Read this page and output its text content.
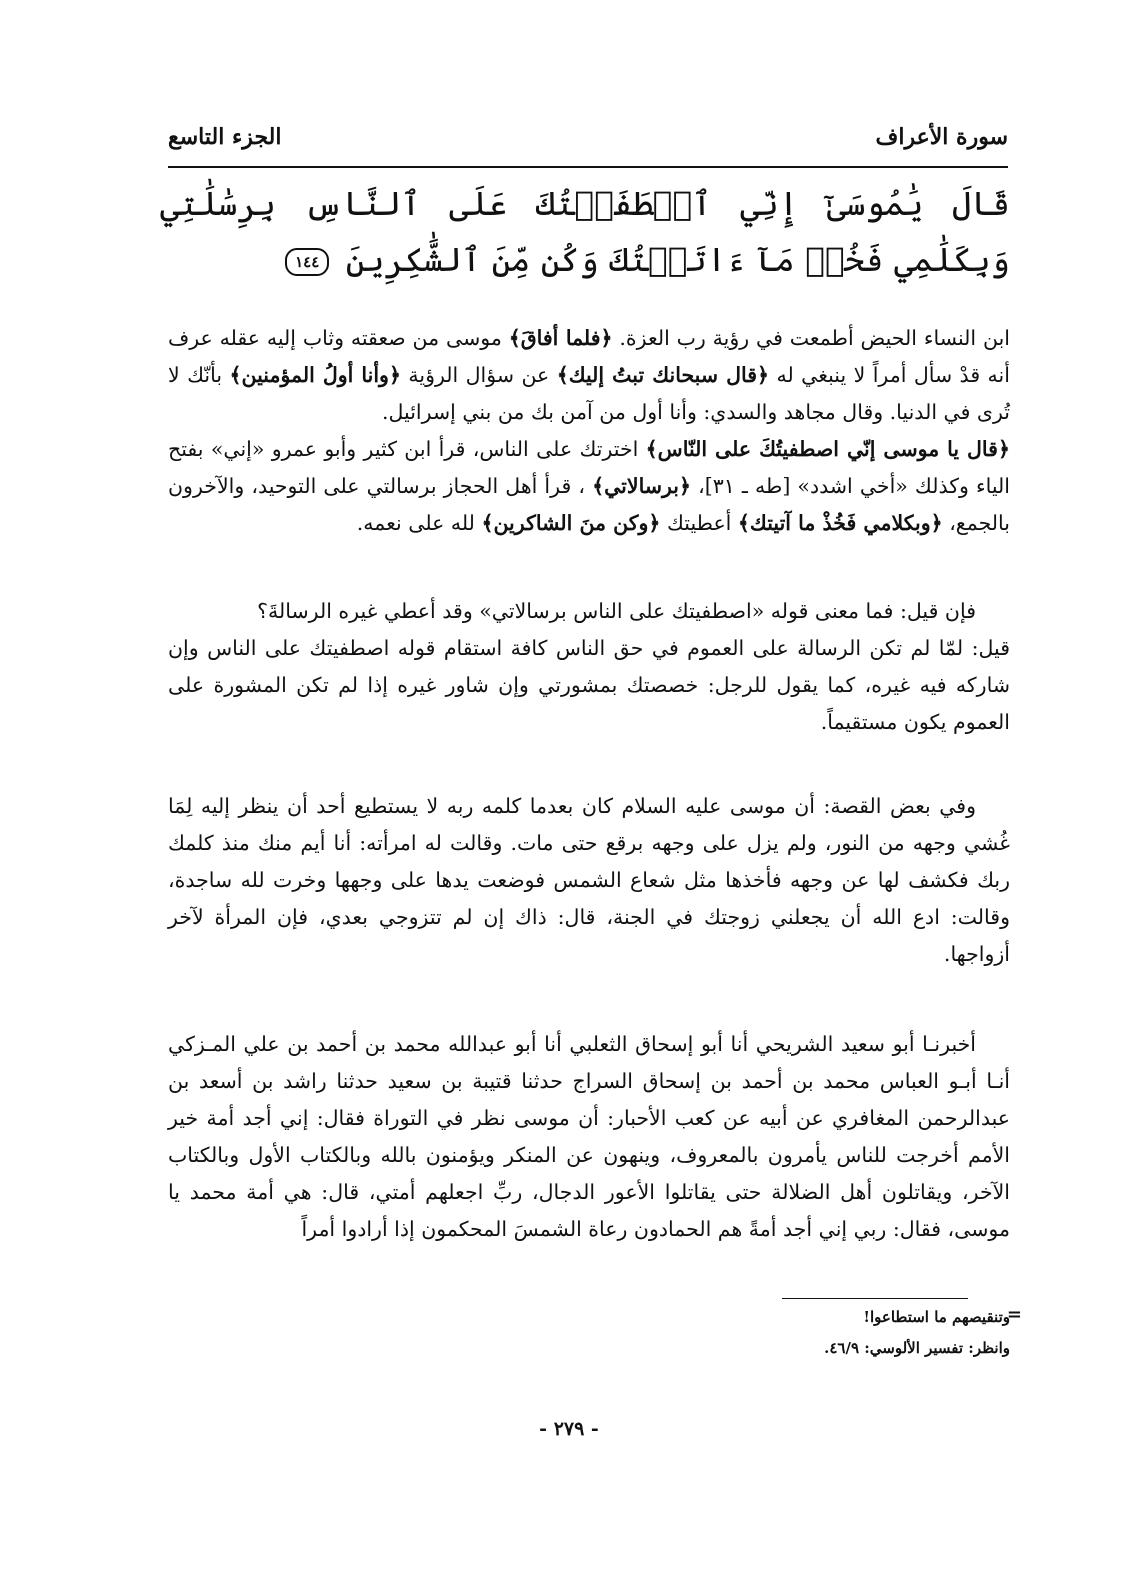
سورة الأعراف
الجزء التاسع
قَالَ يَٰمُوسَىٰٓ إِنِّي ٱصۡطَفَيۡتُكَ عَلَى ٱلنَّاسِ بِرِسَٰلَٰتِي وَبِكَلَٰمِي فَخُذۡ مَآ ءَاتَيۡتُكَ وَكُن مِّنَ ٱلشَّٰكِرِينَ ١٤٤

ابن النساء الحيض أطمعت في رؤية رب العزة. ﴿فلما أفاقَ﴾ موسى من صعقته وثاب إليه عقله عرف أنه قدْ سأل أمراً لا ينبغي له ﴿قال سبحانك تبتُ إليك﴾ عن سؤال الرؤية ﴿وأنا أولُ المؤمنين﴾ بأنّك لا تُرى في الدنيا. وقال مجاهد والسدي: وأنا أول من آمن بك من بني إسرائيل.

﴿قال يا موسى إنّي اصطفيتُكَ على النّاس﴾ اخترتك على الناس، قرأ ابن كثير وأبو عمرو «إني» بفتح الياء وكذلك «أخي اشدد» [طه ـ ٣١]، ﴿برسالاتي﴾ ، قرأ أهل الحجاز برسالتي على التوحيد، والآخرون بالجمع، ﴿وبكلامي فَخُذْ ما آتيتك﴾ أعطيتك ﴿وكن منَ الشاكرين﴾ لله على نعمه.

فإن قيل: فما معنى قوله «اصطفيتك على الناس برسالاتي» وقد أعطي غيره الرسالةَ؟

قيل: لمّا لم تكن الرسالة على العموم في حق الناس كافة استقام قوله اصطفيتك على الناس وإن شاركه فيه غيره، كما يقول للرجل: خصصتك بمشورتي وإن شاور غيره إذا لم تكن المشورة على العموم يكون مستقيماً.

وفي بعض القصة: أن موسى عليه السلام كان بعدما كلمه ربه لا يستطيع أحد أن ينظر إليه لِمَا غُشي وجهه من النور، ولم يزل على وجهه برقع حتى مات. وقالت له امرأته: أنا أيم منك منذ كلمك ربك فكشف لها عن وجهه فأخذها مثل شعاع الشمس فوضعت يدها على وجهها وخرت لله ساجدة، وقالت: ادع الله أن يجعلني زوجتك في الجنة، قال: ذاك إن لم تتزوجي بعدي، فإن المرأة لآخر أزواجها.

أخبرنـا أبو سعيد الشريحي أنا أبو إسحاق الثعلبي أنا أبو عبدالله محمد بن أحمد بن علي المـزكي أنـا أبـو العباس محمد بن أحمد بن إسحاق السراج حدثنا قتيبة بن سعيد حدثنا راشد بن أسعد بن عبدالرحمن المغافري عن أبيه عن كعب الأحبار: أن موسى نظر في التوراة فقال: إني أجد أمة خير الأمم أخرجت للناس يأمرون بالمعروف، وينهون عن المنكر ويؤمنون بالله وبالكتاب الأول وبالكتاب الآخر، ويقاتلون أهل الضلالة حتى يقاتلوا الأعور الدجال، ربِّ اجعلهم أمتي، قال: هي أمة محمد يا موسى، فقال: ربي إني أجد أمةً هم الحمادون رعاة الشمسَ المحكمون إذا أرادوا أمراً

=

وتنقيصهم ما استطاعوا!

وانظر: تفسير الألوسي: ٤٦/٩.

- ٢٧٩ -
